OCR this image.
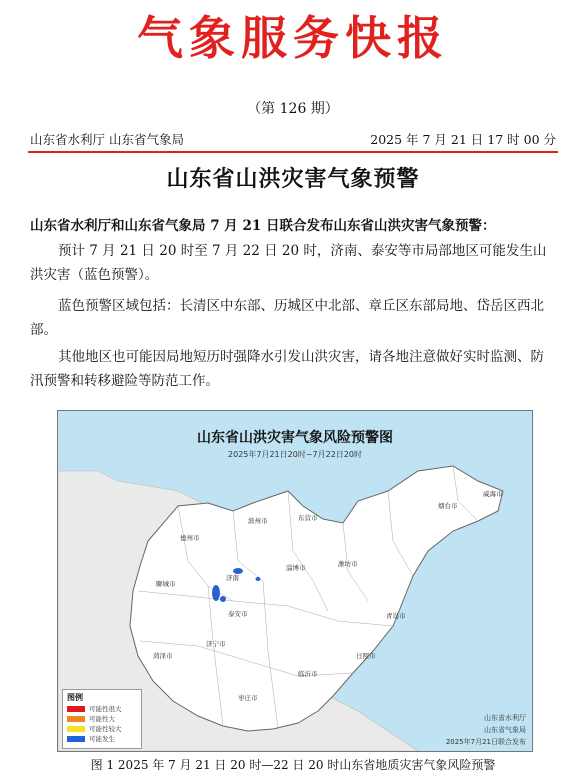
气象服务快报
（第 126 期）
山东省水利厅 山东省气象局	2025 年 7 月 21 日 17 时 00 分
山东省山洪灾害气象预警
山东省水利厅和山东省气象局 7 月 21 日联合发布山东省山洪灾害气象预警：
预计 7 月 21 日 20 时至 7 月 22 日 20 时，济南、泰安等市局部地区可能发生山洪灾害（蓝色预警）。
蓝色预警区域包括：长清区中东部、历城区中北部、章丘区东部局地、岱岳区西北部。
其他地区也可能因局地短历时强降水引发山洪灾害，请各地注意做好实时监测、防汛预警和转移避险等防范工作。
山东省山洪灾害气象风险预警图
2025年7月21日20时~7月22日20时
德州市
滨州市	东营市
烟台市
威海市
聊城市
济南
淄博市	潍坊市
青岛市
泰安市
日照市
济宁市
临沂市
菏泽市
枣庄市
图例
可能性很大
可能性大
可能性较大
可能发生
山东省水利厅
山东省气象局
2025年7月21日联合发布
图 1 2025 年 7 月 21 日 20 时—22 日 20 时山东省地质灾害气象风险预警
